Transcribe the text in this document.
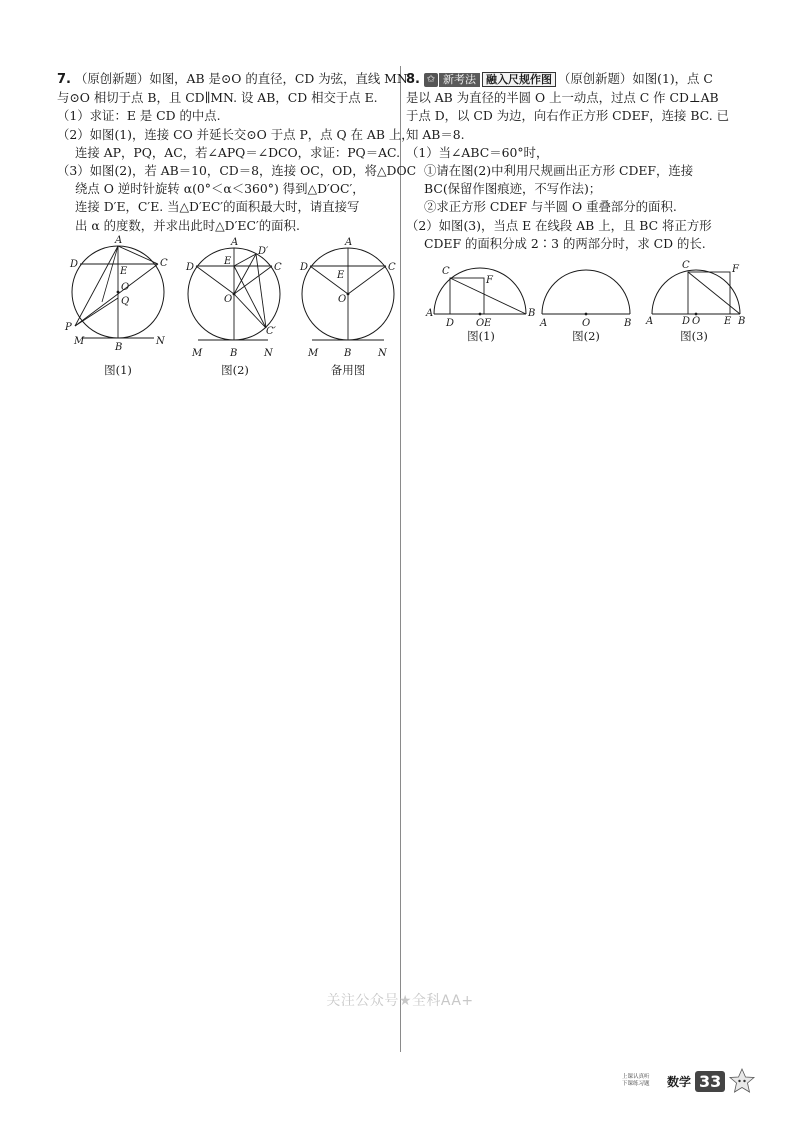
7. （原创新题）如图，AB 是⊙O 的直径，CD 为弦，直线 MN
与⊙O 相切于点 B，且 CD∥MN. 设 AB，CD 相交于点 E.
（1）求证：E 是 CD 的中点.
（2）如图(1)，连接 CO 并延长交⊙O 于点 P，点 Q 在 AB 上，
连接 AP，PQ，AC，若∠APQ＝∠DCO，求证：PQ＝AC.
（3）如图(2)，若 AB＝10，CD＝8，连接 OC，OD，将△DOC
绕点 O 逆时针旋转 α(0°＜α＜360°) 得到△D′OC′，
连接 D′E，C′E. 当△D′EC′的面积最大时，请直接写
出 α 的度数，并求出此时△D′EC′的面积.
A
D	C
E
O
Q
P
M
B
N
图(1)
A
D′
D	C
E
O
C′
M	B	N
图(2)
A
D	C
E
O
M	B	N
备用图
8. ✩ 新考法 融入尺规作图 （原创新题）如图(1)，点 C
是以 AB 为直径的半圆 O 上一动点，过点 C 作 CD⊥AB
于点 D，以 CD 为边，向右作正方形 CDEF，连接 BC. 已
知 AB＝8.
（1）当∠ABC＝60°时，
①请在图(2)中利用尺规画出正方形 CDEF，连接
BC(保留作图痕迹，不写作法)；
②求正方形 CDEF 与半圆 O 重叠部分的面积.
（2）如图(3)，当点 E 在线段 AB 上，且 BC 将正方形
CDEF 的面积分成 2∶3 的两部分时，求 CD 的长.
C
F
A	B
D O E
图(1)
A	O	B
图(2)
C	F
A	D O E B
图(3)
关注公众号★全科AA+
上课认真听
下课练习题	数学 33
